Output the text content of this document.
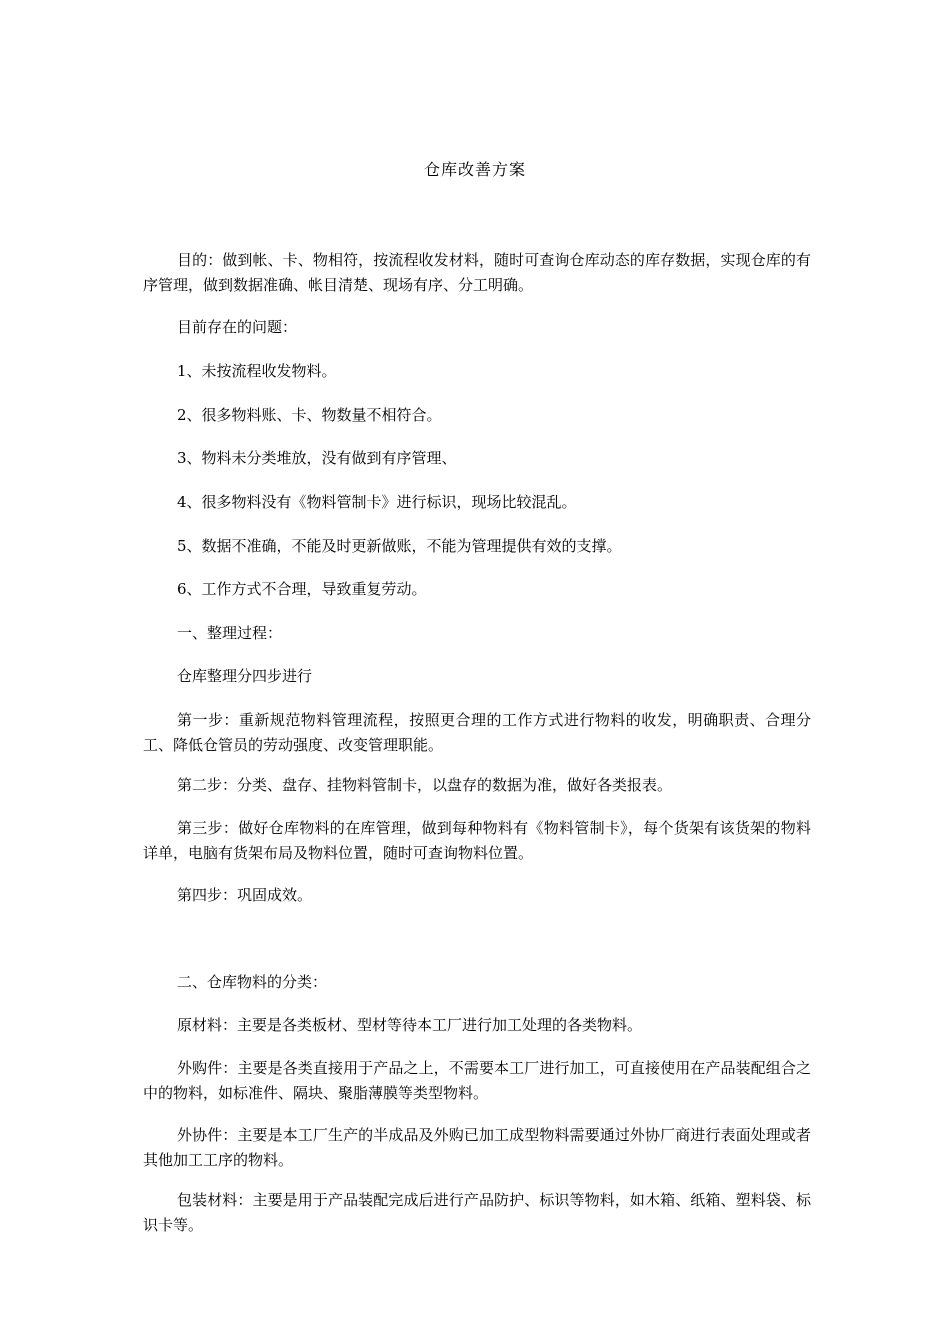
仓库改善方案

目的：做到帐、卡、物相符，按流程收发材料，随时可查询仓库动态的库存数据，实现仓库的有序管理，做到数据准确、帐目清楚、现场有序、分工明确。

目前存在的问题：

1、未按流程收发物料。

2、很多物料账、卡、物数量不相符合。

3、物料未分类堆放，没有做到有序管理、

4、很多物料没有《物料管制卡》进行标识，现场比较混乱。

5、数据不准确，不能及时更新做账，不能为管理提供有效的支撑。

6、工作方式不合理，导致重复劳动。

一、整理过程：

仓库整理分四步进行

第一步：重新规范物料管理流程，按照更合理的工作方式进行物料的收发，明确职责、合理分工、降低仓管员的劳动强度、改变管理职能。

第二步：分类、盘存、挂物料管制卡，以盘存的数据为准，做好各类报表。

第三步：做好仓库物料的在库管理，做到每种物料有《物料管制卡》，每个货架有该货架的物料详单，电脑有货架布局及物料位置，随时可查询物料位置。

第四步：巩固成效。

二、仓库物料的分类：

原材料：主要是各类板材、型材等待本工厂进行加工处理的各类物料。

外购件：主要是各类直接用于产品之上，不需要本工厂进行加工，可直接使用在产品装配组合之中的物料，如标准件、隔块、聚脂薄膜等类型物料。

外协件：主要是本工厂生产的半成品及外购已加工成型物料需要通过外协厂商进行表面处理或者其他加工工序的物料。

包装材料：主要是用于产品装配完成后进行产品防护、标识等物料，如木箱、纸箱、塑料袋、标识卡等。
